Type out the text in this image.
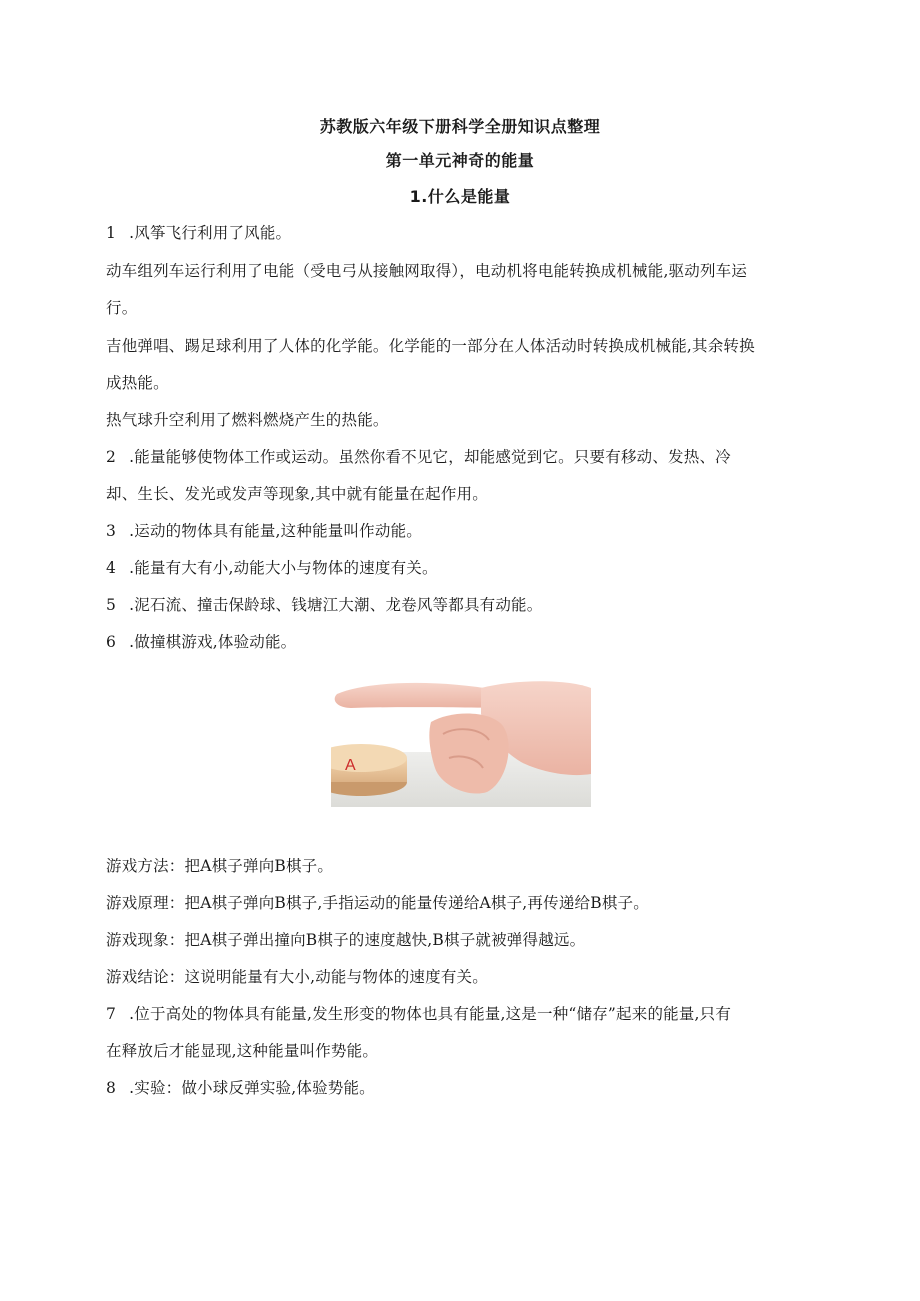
苏教版六年级下册科学全册知识点整理
第一单元神奇的能量
1.什么是能量
1 .风筝飞行利用了风能。
动车组列车运行利用了电能（受电弓从接触网取得），电动机将电能转换成机械能,驱动列车运
行。
吉他弹唱、踢足球利用了人体的化学能。化学能的一部分在人体活动时转换成机械能,其余转换
成热能。
热气球升空利用了燃料燃烧产生的热能。
2 .能量能够使物体工作或运动。虽然你看不见它，却能感觉到它。只要有移动、发热、冷
却、生长、发光或发声等现象,其中就有能量在起作用。
3 .运动的物体具有能量,这种能量叫作动能。
4 .能量有大有小,动能大小与物体的速度有关。
5 .泥石流、撞击保龄球、钱塘江大潮、龙卷风等都具有动能。
6 .做撞棋游戏,体验动能。
A
游戏方法：把A棋子弹向B棋子。
游戏原理：把A棋子弹向B棋子,手指运动的能量传递给A棋子,再传递给B棋子。
游戏现象：把A棋子弹出撞向B棋子的速度越快,B棋子就被弹得越远。
游戏结论：这说明能量有大小,动能与物体的速度有关。
7 .位于高处的物体具有能量,发生形变的物体也具有能量,这是一种“储存”起来的能量,只有
在释放后才能显现,这种能量叫作势能。
8 .实验：做小球反弹实验,体验势能。
